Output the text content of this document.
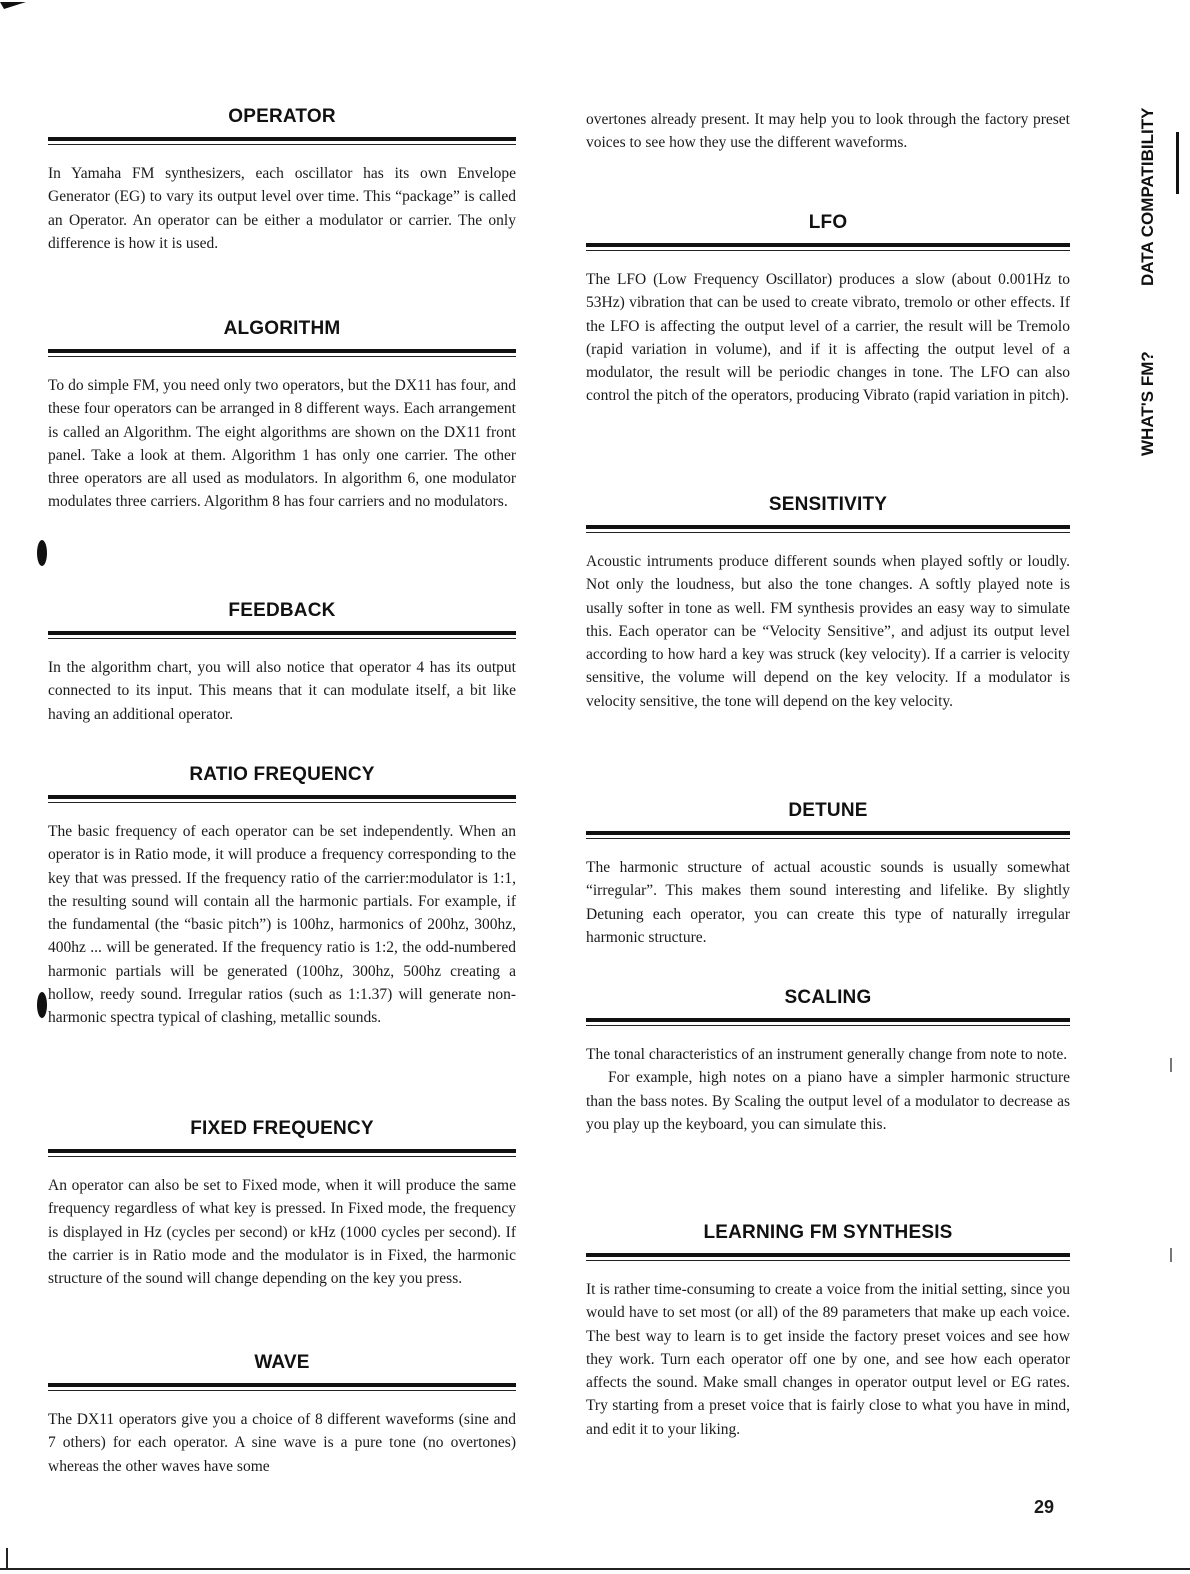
OPERATOR

In Yamaha FM synthesizers, each oscillator has its own Envelope Generator (EG) to vary its output level over time. This “package” is called an Operator. An operator can be either a modulator or carrier. The only difference is how it is used.

ALGORITHM

To do simple FM, you need only two operators, but the DX11 has four, and these four operators can be arranged in 8 different ways. Each arrangement is called an Algorithm. The eight algorithms are shown on the DX11 front panel. Take a look at them. Algorithm 1 has only one carrier. The other three operators are all used as modulators. In algorithm 6, one modulator modulates three carriers. Algorithm 8 has four carriers and no modulators.

FEEDBACK

In the algorithm chart, you will also notice that operator 4 has its output connected to its input. This means that it can modulate itself, a bit like having an additional operator.

RATIO FREQUENCY

The basic frequency of each operator can be set independently. When an operator is in Ratio mode, it will produce a frequency corresponding to the key that was pressed. If the frequency ratio of the carrier:modulator is 1:1, the resulting sound will contain all the harmonic partials. For example, if the fundamental (the “basic pitch”) is 100hz, harmonics of 200hz, 300hz, 400hz ... will be generated. If the frequency ratio is 1:2, the odd-numbered harmonic partials will be generated (100hz, 300hz, 500hz creating a hollow, reedy sound. Irregular ratios (such as 1:1.37) will generate non-harmonic spectra typical of clashing, metallic sounds.

FIXED FREQUENCY

An operator can also be set to Fixed mode, when it will produce the same frequency regardless of what key is pressed. In Fixed mode, the frequency is displayed in Hz (cycles per second) or kHz (1000 cycles per second). If the carrier is in Ratio mode and the modulator is in Fixed, the harmonic structure of the sound will change depending on the key you press.

WAVE

The DX11 operators give you a choice of 8 different waveforms (sine and 7 others) for each operator. A sine wave is a pure tone (no overtones) whereas the other waves have some

overtones already present. It may help you to look through the factory preset voices to see how they use the different waveforms.

LFO

The LFO (Low Frequency Oscillator) produces a slow (about 0.001Hz to 53Hz) vibration that can be used to create vibrato, tremolo or other effects. If the LFO is affecting the output level of a carrier, the result will be Tremolo (rapid variation in volume), and if it is affecting the output level of a modulator, the result will be periodic changes in tone. The LFO can also control the pitch of the operators, producing Vibrato (rapid variation in pitch).

SENSITIVITY

Acoustic intruments produce different sounds when played softly or loudly. Not only the loudness, but also the tone changes. A softly played note is usally softer in tone as well. FM synthesis provides an easy way to simulate this. Each operator can be “Velocity Sensitive”, and adjust its output level according to how hard a key was struck (key velocity). If a carrier is velocity sensitive, the volume will depend on the key velocity. If a modulator is velocity sensitive, the tone will depend on the key velocity.

DETUNE

The harmonic structure of actual acoustic sounds is usually somewhat “irregular”. This makes them sound interesting and lifelike. By slightly Detuning each operator, you can create this type of naturally irregular harmonic structure.

SCALING

The tonal characteristics of an instrument generally change from note to note.

For example, high notes on a piano have a simpler harmonic structure than the bass notes. By Scaling the output level of a modulator to decrease as you play up the keyboard, you can simulate this.

LEARNING FM SYNTHESIS

It is rather time-consuming to create a voice from the initial setting, since you would have to set most (or all) of the 89 parameters that make up each voice. The best way to learn is to get inside the factory preset voices and see how they work. Turn each operator off one by one, and see how each operator affects the sound. Make small changes in operator output level or EG rates. Try starting from a preset voice that is fairly close to what you have in mind, and edit it to your liking.

WHAT'S FM?
DATA COMPATIBILITY
29
